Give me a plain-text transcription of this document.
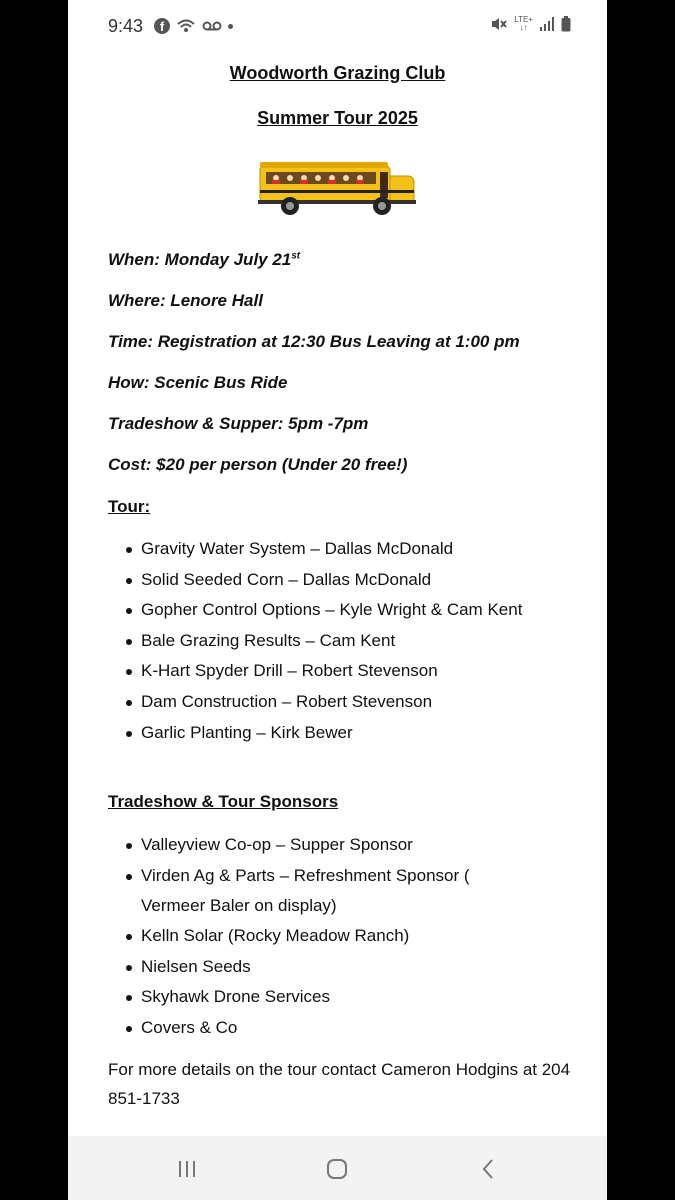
9:43	f	LTE+
↓↑
Woodworth Grazing Club
Summer Tour 2025
When: Monday July 21st
Where: Lenore Hall
Time: Registration at 12:30 Bus Leaving at 1:00 pm
How: Scenic Bus Ride
Tradeshow & Supper: 5pm -7pm
Cost: $20 per person (Under 20 free!)
Tour:
Gravity Water System – Dallas McDonald
Solid Seeded Corn – Dallas McDonald
Gopher Control Options – Kyle Wright & Cam Kent
Bale Grazing Results – Cam Kent
K-Hart Spyder Drill – Robert Stevenson
Dam Construction – Robert Stevenson
Garlic Planting – Kirk Bewer
Tradeshow & Tour Sponsors
Valleyview Co-op – Supper Sponsor
Virden Ag & Parts – Refreshment Sponsor (
Vermeer Baler on display)
Kelln Solar (Rocky Meadow Ranch)
Nielsen Seeds
Skyhawk Drone Services
Covers & Co
For more details on the tour contact Cameron Hodgins at 204 851-1733
